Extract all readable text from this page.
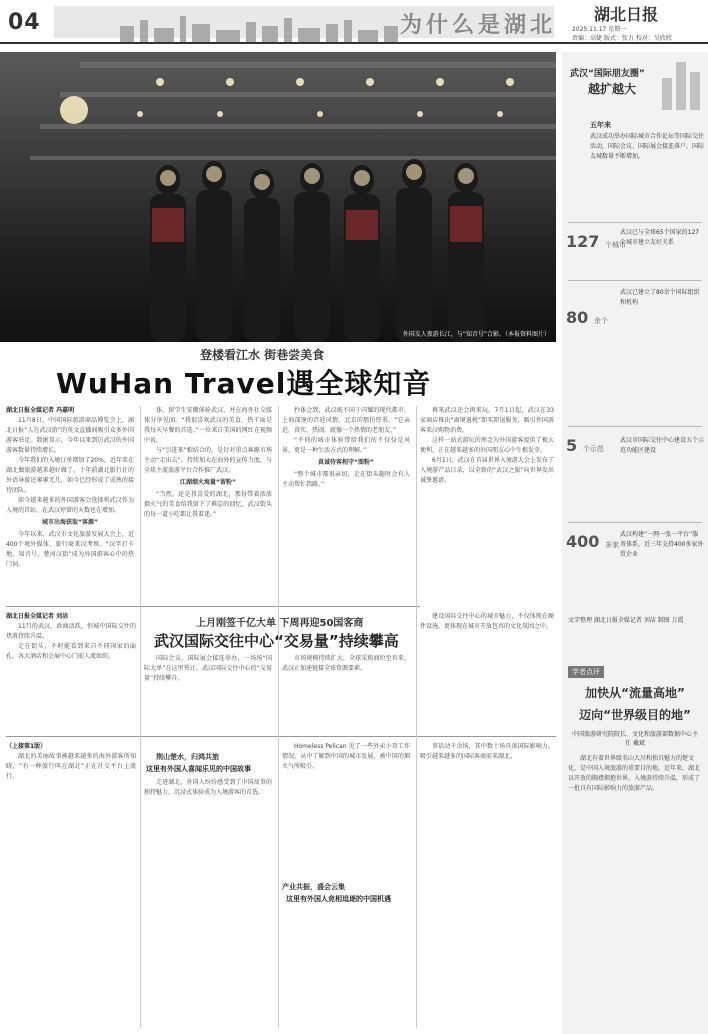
04	为什么是湖北 湖北日报
2025.11.17 星期一
责编：高婕 版式：张力 校对：吴欣欣
外国友人夜游长江，与“知音号”合影。（本报资料图片）
登楼看江水 街巷尝美食
WuHan Travel遇全球知音
湖北日报全媒记者 冯嘉明

11月8日，中国国际旅游商品博览会上，湖北日报“人在武汉游”的英文直播间吸引众多外国游客驻足。数据显示，今年以来到访武汉的外国游客数量持续增长。

今年我们的入境订单增加了20%，近年来在湖北做旅游越来越好做了。十年前湖北旅行社的外语导游还寥寥无几，如今已经形成了成熟的接待团队。

如今越来越多的外国游客会选择将武汉作为入境的首站，在武汉停留的天数也在增加。

城市出海获取“客源”

今年以来，武汉市文化旅游发展大会上，近400个境外媒体、旅行商来汉考察。“汉字打卡地、知音号、楚河汉街”成为外国游客心中的热门词。

体、留学生安徽体验武汉，并在海外社交媒体分享见闻。“我很喜欢武汉的美食，热干面是我每天早餐的首选。”一位来自美国的网红在视频中说。

与“引进来”相结合的，是针对重点客源市场主动“走出去”。持续加大在海外的宣传力度，与全球主流旅游平台合作推广武汉。

江湖烟火海量“留粉”

“当然，还是我喜爱的湖北，那份带着浓浓烟火气的美食给我留下了难忘的回忆，武汉街头的每一道小吃都让我着迷。”

抄体会到，武汉既不同于闪耀的现代都市，上海深邃的宫廷风情，北京的那份厚重。“它亲近、真实、热闹，就像一个热情的老朋友。”

“不同的城市体验带给我们的不仅仅是风景，更是一种生活方式的理解。”

真诚待客相守“图粉”

“整个城市都很亲切，走在街头随时会有人主动帮忙指路。”

再来武汉还会再来玩。7月1日起，武汉在33家商店推出“离境退税”即买即退服务，吸引外国游客来汉购物消费。

这样一站式游玩的理念为外国游客提供了极大便利，正在越来越多的外国朋友心中生根发芽。

6月1日，武汉在首届世界入境游大会上发布了入境游产品目录，以全新的“武汉之旅”向世界发出诚挚邀请。

上月刚签千亿大单 下周再迎50国客商
武汉国际交往中心“交易量”持续攀高
湖北日报全媒记者 刘洁

11月的武汉，政商活跃，恒城中国际交往的热浪持续升温。

走在街头，不时能看到来自不同国家的面孔，各大酒店和会展中心门前人流如织。	国际会议、国际展会接连举办，一场场“国际大单”在这里签订，武汉国际交往中心的“交易量”持续攀升。

市场规模持续扩大，全球采购商纷至沓来，武汉正加速链接全球资源要素。

建设国际交往中心的城市魅力，不仅体现在硬件设施，更体现在城市开放包容的文化氛围之中。

（上接第1版）

湖北的美丽故事被越来越多的海外游客所知晓，“有一种旅行叫在湖北”正在社交平台上流行。

荆山楚水，归鸿共旅
这里有外国人喜闻乐见的中国故事

走进湖北，外国人纷纷感受到了中国故事的独特魅力，沉浸式体验成为入境游客的首选。

Homeless Pelican 见了一些外卖小哥工作情况，从中了解到中国的城市发展，被中国的烟火气所吸引。

产业共振，盛会云集
这里有外国人竞相追逐的中国机遇

事话动千余场，其中数十场具备国际影响力，吸引越来越多的国际客商前来湖北。

武汉“国际朋友圈”
越扩越大
五年来
武汉成功举办国际城市合作论坛等国际交往活动，国际会议、国际展会接连落户，国际友城数量不断增加。
127 个城市
武汉已与全球65个国家的127个城市建立友好关系
80 余个
武汉已建立了80余个国际组织和机构
5 个示范
武汉市国际交往中心建设五个示范功能区建设
400 多家
武汉构建“一网一张一平台”服务体系，近三年支持400多家外贸企业
文字整理 湖北日报全媒记者 刘洁 制图 万霞
学者点评
加快从“流量高地”
迈向“世界级目的地”
中国旅游研究院院长、文化和旅游部数据中心主任 戴斌
湖北有着世界级名山大川和独具魅力的楚文化，是中国入境旅游的重要目的地。近年来，湖北以开放的胸襟拥抱世界，入境游持续升温，形成了一批具有国际影响力的旅游产品。
